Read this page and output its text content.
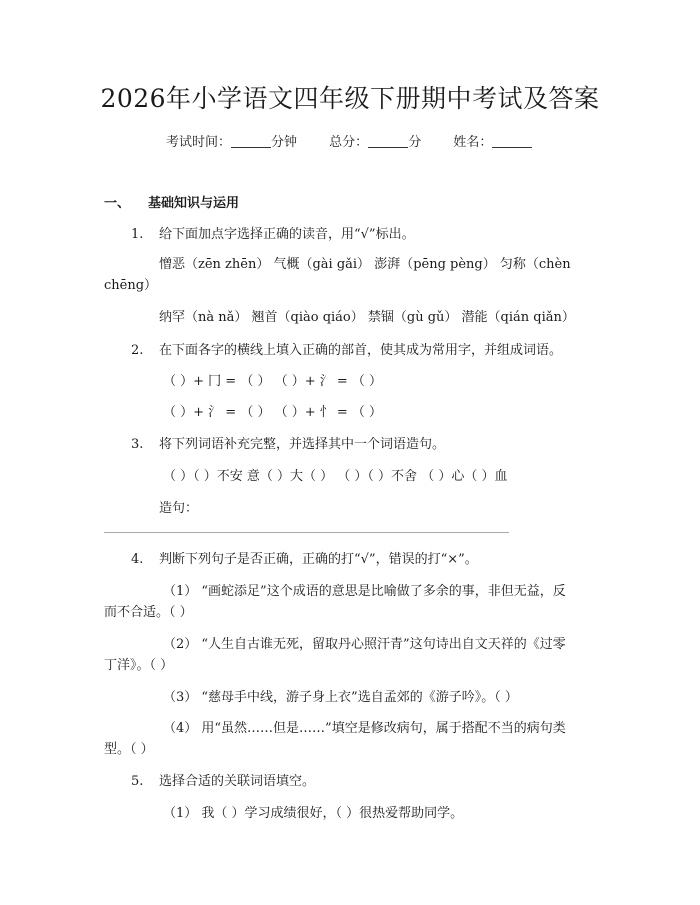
2026年小学语文四年级下册期中考试及答案
考试时间：	分钟 总分：	分 姓名：
一、 基础知识与运用
1. 给下面加点字选择正确的读音，用“√”标出。
憎恶（zēn zhēn） 气概（gài gǎi） 澎湃（pēng pèng） 匀称（chèn
chēng）
纳罕（nà nǎ） 翘首（qiào qiáo） 禁锢（gù gǔ） 潜能（qián qiǎn）
2. 在下面各字的横线上填入正确的部首，使其成为常用字，并组成词语。
（ ）+ 冂 = （ ） （ ）+ 氵 = （ ）
（ ）+ 氵 = （ ） （ ）+ 忄 = （ ）
3. 将下列词语补充完整，并选择其中一个词语造句。
（ ）（ ）不安 意（ ）大（ ） （ ）（ ）不舍 （ ）心（ ）血
造句：
4. 判断下列句子是否正确，正确的打“√”，错误的打“×”。
（1） “画蛇添足”这个成语的意思是比喻做了多余的事，非但无益，反
而不合适。（ ）
（2） “人生自古谁无死，留取丹心照汗青”这句诗出自文天祥的《过零
丁洋》。（ ）
（3） “慈母手中线，游子身上衣”选自孟郊的《游子吟》。（ ）
（4） 用“虽然……但是……”填空是修改病句，属于搭配不当的病句类
型。（ ）
5. 选择合适的关联词语填空。
（1） 我（ ）学习成绩很好，（ ）很热爱帮助同学。
